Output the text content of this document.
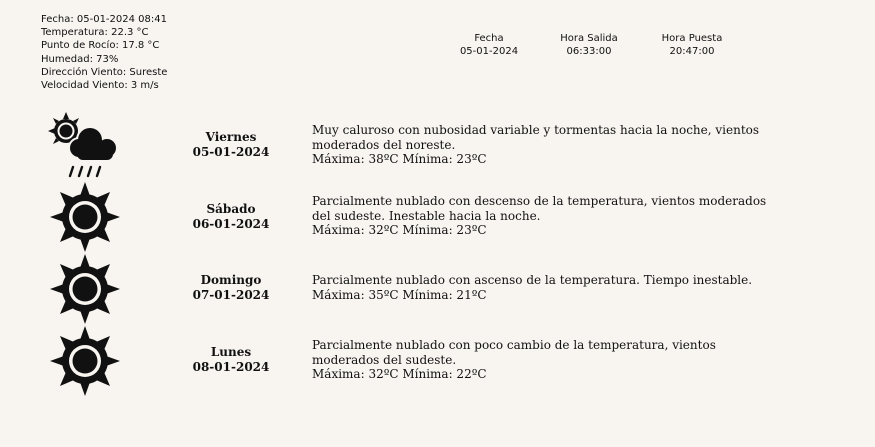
Fecha: 05-01-2024 08:41
Temperatura: 22.3 °C
Punto de Rocío: 17.8 °C
Humedad: 73%
Dirección Viento: Sureste
Velocidad Viento: 3 m/s
Fecha
05-01-2024
Hora Salida
06:33:00
Hora Puesta
20:47:00
Viernes
05-01-2024
Muy caluroso con nubosidad variable y tormentas hacia la noche, vientos moderados del noreste.
Máxima: 38ºC Mínima: 23ºC
Sábado
06-01-2024
Parcialmente nublado con descenso de la temperatura, vientos moderados del sudeste. Inestable hacia la noche.
Máxima: 32ºC Mínima: 23ºC
Domingo
07-01-2024
Parcialmente nublado con ascenso de la temperatura. Tiempo inestable.
Máxima: 35ºC Mínima: 21ºC
Lunes
08-01-2024
Parcialmente nublado con poco cambio de la temperatura, vientos moderados del sudeste.
Máxima: 32ºC Mínima: 22ºC
